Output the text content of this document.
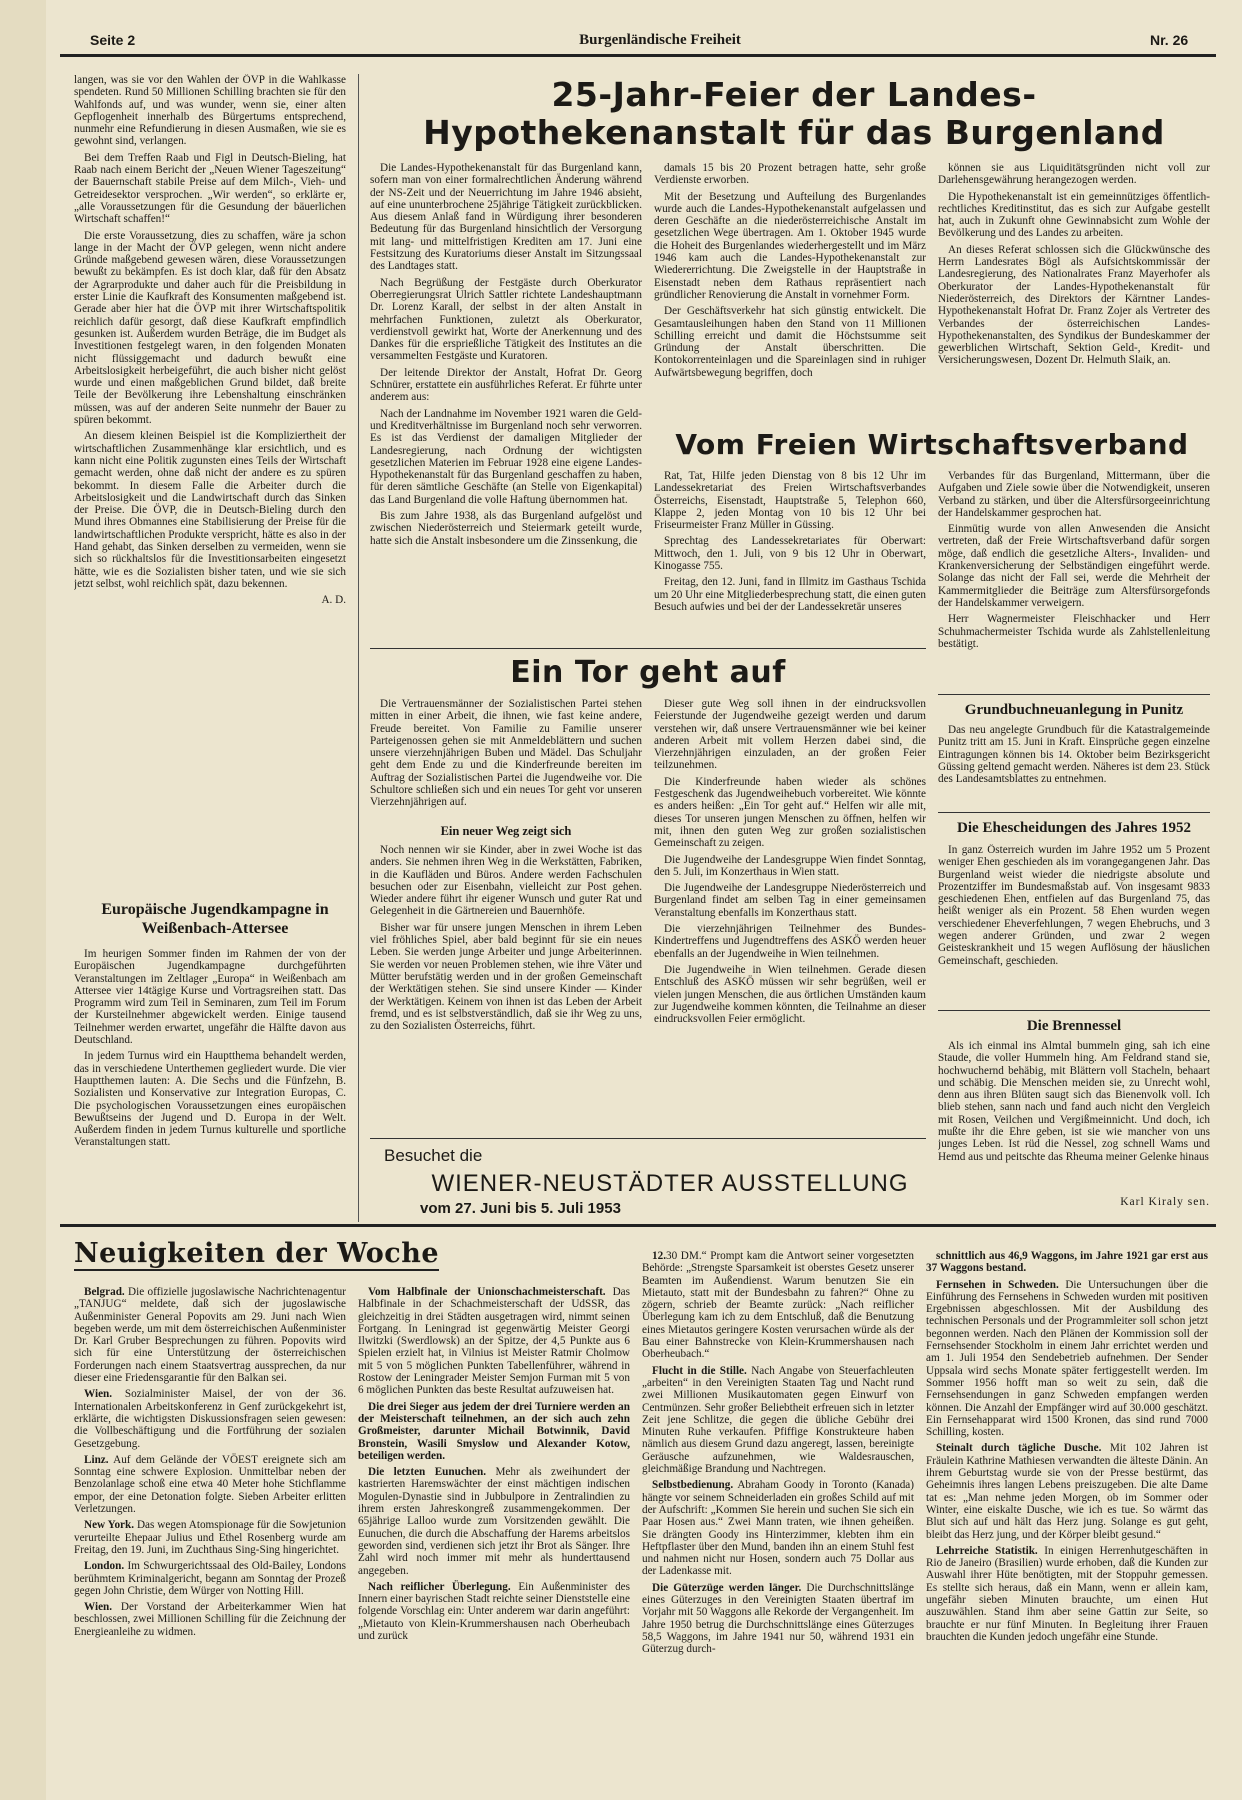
Seite 2	Burgenländische Freiheit	Nr. 26

langen, was sie vor den Wahlen der ÖVP in die Wahlkasse spendeten. Rund 50 Millionen Schilling brachten sie für den Wahlfonds auf, und was wunder, wenn sie, einer alten Gepflogenheit innerhalb des Bürgertums entsprechend, nunmehr eine Refundierung in diesen Ausmaßen, wie sie es gewohnt sind, verlangen.

Bei dem Treffen Raab und Figl in Deutsch-Bieling, hat Raab nach einem Bericht der „Neuen Wiener Tageszeitung“ der Bauernschaft stabile Preise auf dem Milch-, Vieh- und Getreidesektor versprochen. „Wir werden“, so erklärte er, „alle Voraussetzungen für die Gesundung der bäuerlichen Wirtschaft schaffen!“

Die erste Voraussetzung, dies zu schaffen, wäre ja schon lange in der Macht der ÖVP gelegen, wenn nicht andere Gründe maßgebend gewesen wären, diese Voraussetzungen bewußt zu bekämpfen. Es ist doch klar, daß für den Absatz der Agrarprodukte und daher auch für die Preisbildung in erster Linie die Kaufkraft des Konsumenten maßgebend ist. Gerade aber hier hat die ÖVP mit ihrer Wirtschaftspolitik reichlich dafür gesorgt, daß diese Kaufkraft empfindlich gesunken ist. Außerdem wurden Beträge, die im Budget als Investitionen festgelegt waren, in den folgenden Monaten nicht flüssiggemacht und dadurch bewußt eine Arbeitslosigkeit herbeigeführt, die auch bisher nicht gelöst wurde und einen maßgeblichen Grund bildet, daß breite Teile der Bevölkerung ihre Lebenshaltung einschränken müssen, was auf der anderen Seite nunmehr der Bauer zu spüren bekommt.

An diesem kleinen Beispiel ist die Kompliziertheit der wirtschaftlichen Zusammenhänge klar ersichtlich, und es kann nicht eine Politik zugunsten eines Teils der Wirtschaft gemacht werden, ohne daß nicht der andere es zu spüren bekommt. In diesem Falle die Arbeiter durch die Arbeitslosigkeit und die Landwirtschaft durch das Sinken der Preise. Die ÖVP, die in Deutsch-Bieling durch den Mund ihres Obmannes eine Stabilisierung der Preise für die landwirtschaftlichen Produkte verspricht, hätte es also in der Hand gehabt, das Sinken derselben zu vermeiden, wenn sie sich so rückhaltslos für die Investitionsarbeiten eingesetzt hätte, wie es die Sozialisten bisher taten, und wie sie sich jetzt selbst, wohl reichlich spät, dazu bekennen.

A. D.

Europäische Jugendkampagne in Weißenbach-Attersee

Im heurigen Sommer finden im Rahmen der von der Europäischen Jugendkampagne durchgeführten Veranstaltungen im Zeltlager „Europa“ in Weißenbach am Attersee vier 14tägige Kurse und Vortragsreihen statt. Das Programm wird zum Teil in Seminaren, zum Teil im Forum der Kursteilnehmer abgewickelt werden. Einige tausend Teilnehmer werden erwartet, ungefähr die Hälfte davon aus Deutschland.

In jedem Turnus wird ein Hauptthema behandelt werden, das in verschiedene Unterthemen gegliedert wurde. Die vier Hauptthemen lauten: A. Die Sechs und die Fünfzehn, B. Sozialisten und Konservative zur Integration Europas, C. Die psychologischen Voraussetzungen eines europäischen Bewußtseins der Jugend und D. Europa in der Welt. Außerdem finden in jedem Turnus kulturelle und sportliche Veranstaltungen statt.

25-Jahr-Feier der Landes-Hypothekenanstalt für das Burgenland

Die Landes-Hypothekenanstalt für das Burgenland kann, sofern man von einer formalrechtlichen Änderung während der NS-Zeit und der Neuerrichtung im Jahre 1946 absieht, auf eine ununterbrochene 25jährige Tätigkeit zurückblicken. Aus diesem Anlaß fand in Würdigung ihrer besonderen Bedeutung für das Burgenland hinsichtlich der Versorgung mit lang- und mittelfristigen Krediten am 17. Juni eine Festsitzung des Kuratoriums dieser Anstalt im Sitzungssaal des Landtages statt.

Nach Begrüßung der Festgäste durch Oberkurator Oberregierungsrat Ulrich Sattler richtete Landeshauptmann Dr. Lorenz Karall, der selbst in der alten Anstalt in mehrfachen Funktionen, zuletzt als Oberkurator, verdienstvoll gewirkt hat, Worte der Anerkennung und des Dankes für die ersprießliche Tätigkeit des Institutes an die versammelten Festgäste und Kuratoren.

Der leitende Direktor der Anstalt, Hofrat Dr. Georg Schnürer, erstattete ein ausführliches Referat. Er führte unter anderem aus:

Nach der Landnahme im November 1921 waren die Geld- und Kreditverhältnisse im Burgenland noch sehr verworren. Es ist das Verdienst der damaligen Mitglieder der Landesregierung, nach Ordnung der wichtigsten gesetzlichen Materien im Februar 1928 eine eigene Landes-Hypothekenanstalt für das Burgenland geschaffen zu haben, für deren sämtliche Geschäfte (an Stelle von Eigenkapital) das Land Burgenland die volle Haftung übernommen hat.

Bis zum Jahre 1938, als das Burgenland aufgelöst und zwischen Niederösterreich und Steiermark geteilt wurde, hatte sich die Anstalt insbesondere um die Zinssenkung, die

damals 15 bis 20 Prozent betragen hatte, sehr große Verdienste erworben.

Mit der Besetzung und Aufteilung des Burgenlandes wurde auch die Landes-Hypothekenanstalt aufgelassen und deren Geschäfte an die niederösterreichische Anstalt im gesetzlichen Wege übertragen. Am 1. Oktober 1945 wurde die Hoheit des Burgenlandes wiederhergestellt und im März 1946 kam auch die Landes-Hypothekenanstalt zur Wiedererrichtung. Die Zweigstelle in der Hauptstraße in Eisenstadt neben dem Rathaus repräsentiert nach gründlicher Renovierung die Anstalt in vornehmer Form.

Der Geschäftsverkehr hat sich günstig entwickelt. Die Gesamtausleihungen haben den Stand von 11 Millionen Schilling erreicht und damit die Höchstsumme seit Gründung der Anstalt überschritten. Die Kontokorrenteinlagen und die Spareinlagen sind in ruhiger Aufwärtsbewegung begriffen, doch

können sie aus Liquiditätsgründen nicht voll zur Darlehensgewährung herangezogen werden.

Die Hypothekenanstalt ist ein gemeinnütziges öffentlich-rechtliches Kreditinstitut, das es sich zur Aufgabe gestellt hat, auch in Zukunft ohne Gewinnabsicht zum Wohle der Bevölkerung und des Landes zu arbeiten.

An dieses Referat schlossen sich die Glückwünsche des Herrn Landesrates Bögl als Aufsichtskommissär der Landesregierung, des Nationalrates Franz Mayerhofer als Oberkurator der Landes-Hypothekenanstalt für Niederösterreich, des Direktors der Kärntner Landes-Hypothekenanstalt Hofrat Dr. Franz Zojer als Vertreter des Verbandes der österreichischen Landes-Hypothekenanstalten, des Syndikus der Bundeskammer der gewerblichen Wirtschaft, Sektion Geld-, Kredit- und Versicherungswesen, Dozent Dr. Helmuth Slaik, an.

Vom Freien Wirtschaftsverband

Rat, Tat, Hilfe jeden Dienstag von 8 bis 12 Uhr im Landessekretariat des Freien Wirtschaftsverbandes Österreichs, Eisenstadt, Hauptstraße 5, Telephon 660, Klappe 2, jeden Montag von 10 bis 12 Uhr bei Friseurmeister Franz Müller in Güssing.

Sprechtag des Landessekretariates für Oberwart: Mittwoch, den 1. Juli, von 9 bis 12 Uhr in Oberwart, Kinogasse 755.

Freitag, den 12. Juni, fand in Illmitz im Gasthaus Tschida um 20 Uhr eine Mitgliederbesprechung statt, die einen guten Besuch aufwies und bei der der Landessekretär unseres

Verbandes für das Burgenland, Mittermann, über die Aufgaben und Ziele sowie über die Notwendigkeit, unseren Verband zu stärken, und über die Altersfürsorgeeinrichtung der Handelskammer gesprochen hat.

Einmütig wurde von allen Anwesenden die Ansicht vertreten, daß der Freie Wirtschaftsverband dafür sorgen möge, daß endlich die gesetzliche Alters-, Invaliden- und Krankenversicherung der Selbständigen eingeführt werde. Solange das nicht der Fall sei, werde die Mehrheit der Kammermitglieder die Beiträge zum Altersfürsorgefonds der Handelskammer verweigern.

Herr Wagnermeister Fleischhacker und Herr Schuhmachermeister Tschida wurde als Zahlstellenleitung bestätigt.

Ein Tor geht auf

Die Vertrauensmänner der Sozialistischen Partei stehen mitten in einer Arbeit, die ihnen, wie fast keine andere, Freude bereitet. Von Familie zu Familie unserer Parteigenossen gehen sie mit Anmeldeblättern und suchen unsere vierzehnjährigen Buben und Mädel. Das Schuljahr geht dem Ende zu und die Kinderfreunde bereiten im Auftrag der Sozialistischen Partei die Jugendweihe vor. Die Schultore schließen sich und ein neues Tor geht vor unseren Vierzehnjährigen auf.

Ein neuer Weg zeigt sich

Noch nennen wir sie Kinder, aber in zwei Woche ist das anders. Sie nehmen ihren Weg in die Werkstätten, Fabriken, in die Kaufläden und Büros. Andere werden Fachschulen besuchen oder zur Eisenbahn, vielleicht zur Post gehen. Wieder andere führt ihr eigener Wunsch und guter Rat und Gelegenheit in die Gärtnereien und Bauernhöfe.

Bisher war für unsere jungen Menschen in ihrem Leben viel fröhliches Spiel, aber bald beginnt für sie ein neues Leben. Sie werden junge Arbeiter und junge Arbeiterinnen. Sie werden vor neuen Problemen stehen, wie ihre Väter und Mütter berufstätig werden und in der großen Gemeinschaft der Werktätigen stehen. Sie sind unsere Kinder — Kinder der Werktätigen. Keinem von ihnen ist das Leben der Arbeit fremd, und es ist selbstverständlich, daß sie ihr Weg zu uns, zu den Sozialisten Österreichs, führt.

Dieser gute Weg soll ihnen in der eindrucksvollen Feierstunde der Jugendweihe gezeigt werden und darum verstehen wir, daß unsere Vertrauensmänner wie bei keiner anderen Arbeit mit vollem Herzen dabei sind, die Vierzehnjährigen einzuladen, an der großen Feier teilzunehmen.

Die Kinderfreunde haben wieder als schönes Festgeschenk das Jugendweihebuch vorbereitet. Wie könnte es anders heißen: „Ein Tor geht auf.“ Helfen wir alle mit, dieses Tor unseren jungen Menschen zu öffnen, helfen wir mit, ihnen den guten Weg zur großen sozialistischen Gemeinschaft zu zeigen.

Die Jugendweihe der Landesgruppe Wien findet Sonntag, den 5. Juli, im Konzerthaus in Wien statt.

Die Jugendweihe der Landesgruppe Niederösterreich und Burgenland findet am selben Tag in einer gemeinsamen Veranstaltung ebenfalls im Konzerthaus statt.

Die vierzehnjährigen Teilnehmer des Bundes-Kindertreffens und Jugendtreffens des ASKÖ werden heuer ebenfalls an der Jugendweihe in Wien teilnehmen.

Die Jugendweihe in Wien teilnehmen. Gerade diesen Entschluß des ASKÖ müssen wir sehr begrüßen, weil er vielen jungen Menschen, die aus örtlichen Umständen kaum zur Jugendweihe kommen könnten, die Teilnahme an dieser eindrucksvollen Feier ermöglicht.

Grundbuchneuanlegung in Punitz

Das neu angelegte Grundbuch für die Katastralgemeinde Punitz tritt am 15. Juni in Kraft. Einsprüche gegen einzelne Eintragungen können bis 14. Oktober beim Bezirksgericht Güssing geltend gemacht werden. Näheres ist dem 23. Stück des Landesamtsblattes zu entnehmen.

Die Ehescheidungen des Jahres 1952

In ganz Österreich wurden im Jahre 1952 um 5 Prozent weniger Ehen geschieden als im vorangegangenen Jahr. Das Burgenland weist wieder die niedrigste absolute und Prozentziffer im Bundesmaßstab auf. Von insgesamt 9833 geschiedenen Ehen, entfielen auf das Burgenland 75, das heißt weniger als ein Prozent. 58 Ehen wurden wegen verschiedener Eheverfehlungen, 7 wegen Ehebruchs, und 3 wegen anderer Gründen, und zwar 2 wegen Geisteskrankheit und 15 wegen Auflösung der häuslichen Gemeinschaft, geschieden.

Die Brennessel

Als ich einmal ins Almtal bummeln ging, sah ich eine Staude, die voller Hummeln hing. Am Feldrand stand sie, hochwuchernd behäbig, mit Blättern voll Stacheln, behaart und schäbig. Die Menschen meiden sie, zu Unrecht wohl, denn aus ihren Blüten saugt sich das Bienenvolk voll. Ich blieb stehen, sann nach und fand auch nicht den Vergleich mit Rosen, Veilchen und Vergißmeinnicht. Und doch, ich mußte ihr die Ehre geben, ist sie wie mancher von uns junges Leben. Ist rüd die Nessel, zog schnell Wams und Hemd aus und peitschte das Rheuma meiner Gelenke hinaus

Karl Kiraly sen.
Besuchet die
WIENER-NEUSTÄDTER AUSSTELLUNG
vom 27. Juni bis 5. Juli 1953
Neuigkeiten der Woche

Belgrad. Die offizielle jugoslawische Nachrichtenagentur „TANJUG“ meldete, daß sich der jugoslawische Außenminister General Popovits am 29. Juni nach Wien begeben werde, um mit dem österreichischen Außenminister Dr. Karl Gruber Besprechungen zu führen. Popovits wird sich für eine Unterstützung der österreichischen Forderungen nach einem Staatsvertrag aussprechen, da nur dieser eine Friedensgarantie für den Balkan sei.

Wien. Sozialminister Maisel, der von der 36. Internationalen Arbeitskonferenz in Genf zurückgekehrt ist, erklärte, die wichtigsten Diskussionsfragen seien gewesen: die Vollbeschäftigung und die Fortführung der sozialen Gesetzgebung.

Linz. Auf dem Gelände der VÖEST ereignete sich am Sonntag eine schwere Explosion. Unmittelbar neben der Benzolanlage schoß eine etwa 40 Meter hohe Stichflamme empor, der eine Detonation folgte. Sieben Arbeiter erlitten Verletzungen.

New York. Das wegen Atomspionage für die Sowjetunion verurteilte Ehepaar Julius und Ethel Rosenberg wurde am Freitag, den 19. Juni, im Zuchthaus Sing-Sing hingerichtet.

London. Im Schwurgerichtssaal des Old-Bailey, Londons berühmtem Kriminalgericht, begann am Sonntag der Prozeß gegen John Christie, dem Würger von Notting Hill.

Wien. Der Vorstand der Arbeiterkammer Wien hat beschlossen, zwei Millionen Schilling für die Zeichnung der Energieanleihe zu widmen.

Vom Halbfinale der Unionschachmeisterschaft. Das Halbfinale in der Schachmeisterschaft der UdSSR, das gleichzeitig in drei Städten ausgetragen wird, nimmt seinen Fortgang. In Leningrad ist gegenwärtig Meister Georgi Ilwitzki (Swerdlowsk) an der Spitze, der 4,5 Punkte aus 6 Spielen erzielt hat, in Vilnius ist Meister Ratmir Cholmow mit 5 von 5 möglichen Punkten Tabellenführer, während in Rostow der Leningrader Meister Semjon Furman mit 5 von 6 möglichen Punkten das beste Resultat aufzuweisen hat.

Die drei Sieger aus jedem der drei Turniere werden an der Meisterschaft teilnehmen, an der sich auch zehn Großmeister, darunter Michail Botwinnik, David Bronstein, Wasili Smyslow und Alexander Kotow, beteiligen werden.

Die letzten Eunuchen. Mehr als zweihundert der kastrierten Haremswächter der einst mächtigen indischen Mogulen-Dynastie sind in Jubbulpore in Zentralindien zu ihrem ersten Jahreskongreß zusammengekommen. Der 65jährige Lalloo wurde zum Vorsitzenden gewählt. Die Eunuchen, die durch die Abschaffung der Harems arbeitslos geworden sind, verdienen sich jetzt ihr Brot als Sänger. Ihre Zahl wird noch immer mit mehr als hunderttausend angegeben.

Nach reiflicher Überlegung. Ein Außenminister des Innern einer bayrischen Stadt reichte seiner Dienststelle eine folgende Vorschlag ein: Unter anderem war darin angeführt: „Mietauto von Klein-Krummershausen nach Oberheubach und zurück

12.30 DM.“ Prompt kam die Antwort seiner vorgesetzten Behörde: „Strengste Sparsamkeit ist oberstes Gesetz unserer Beamten im Außendienst. Warum benutzen Sie ein Mietauto, statt mit der Bundesbahn zu fahren?“ Ohne zu zögern, schrieb der Beamte zurück: „Nach reiflicher Überlegung kam ich zu dem Entschluß, daß die Benutzung eines Mietautos geringere Kosten verursachen würde als der Bau einer Bahnstrecke von Klein-Krummershausen nach Oberheubach.“

Flucht in die Stille. Nach Angabe von Steuerfachleuten „arbeiten“ in den Vereinigten Staaten Tag und Nacht rund zwei Millionen Musikautomaten gegen Einwurf von Centmünzen. Sehr großer Beliebtheit erfreuen sich in letzter Zeit jene Schlitze, die gegen die übliche Gebühr drei Minuten Ruhe verkaufen. Pfiffige Konstrukteure haben nämlich aus diesem Grund dazu angeregt, lassen, bereinigte Geräusche aufzunehmen, wie Waldesrauschen, gleichmäßige Brandung und Nachtregen.

Selbstbedienung. Abraham Goody in Toronto (Kanada) hängte vor seinem Schneiderladen ein großes Schild auf mit der Aufschrift: „Kommen Sie herein und suchen Sie sich ein Paar Hosen aus.“ Zwei Mann traten, wie ihnen geheißen. Sie drängten Goody ins Hinterzimmer, klebten ihm ein Heftpflaster über den Mund, banden ihn an einem Stuhl fest und nahmen nicht nur Hosen, sondern auch 75 Dollar aus der Ladenkasse mit.

Die Güterzüge werden länger. Die Durchschnittslänge eines Güterzuges in den Vereinigten Staaten übertraf im Vorjahr mit 50 Waggons alle Rekorde der Vergangenheit. Im Jahre 1950 betrug die Durchschnittslänge eines Güterzuges 58,5 Waggons, im Jahre 1941 nur 50, während 1931 ein Güterzug durch-

schnittlich aus 46,9 Waggons, im Jahre 1921 gar erst aus 37 Waggons bestand.

Fernsehen in Schweden. Die Untersuchungen über die Einführung des Fernsehens in Schweden wurden mit positiven Ergebnissen abgeschlossen. Mit der Ausbildung des technischen Personals und der Programmleiter soll schon jetzt begonnen werden. Nach den Plänen der Kommission soll der Fernsehsender Stockholm in einem Jahr errichtet werden und am 1. Juli 1954 den Sendebetrieb aufnehmen. Der Sender Uppsala wird sechs Monate später fertiggestellt werden. Im Sommer 1956 hofft man so weit zu sein, daß die Fernsehsendungen in ganz Schweden empfangen werden können. Die Anzahl der Empfänger wird auf 30.000 geschätzt. Ein Fernsehapparat wird 1500 Kronen, das sind rund 7000 Schilling, kosten.

Steinalt durch tägliche Dusche. Mit 102 Jahren ist Fräulein Kathrine Mathiesen verwandten die älteste Dänin. An ihrem Geburtstag wurde sie von der Presse bestürmt, das Geheimnis ihres langen Lebens preiszugeben. Die alte Dame tat es: „Man nehme jeden Morgen, ob im Sommer oder Winter, eine eiskalte Dusche, wie ich es tue. So wärmt das Blut sich auf und hält das Herz jung. Solange es gut geht, bleibt das Herz jung, und der Körper bleibt gesund.“

Lehrreiche Statistik. In einigen Herrenhutgeschäften in Rio de Janeiro (Brasilien) wurde erhoben, daß die Kunden zur Auswahl ihrer Hüte benötigten, mit der Stoppuhr gemessen. Es stellte sich heraus, daß ein Mann, wenn er allein kam, ungefähr sieben Minuten brauchte, um einen Hut auszuwählen. Stand ihm aber seine Gattin zur Seite, so brauchte er nur fünf Minuten. In Begleitung ihrer Frauen brauchten die Kunden jedoch ungefähr eine Stunde.
